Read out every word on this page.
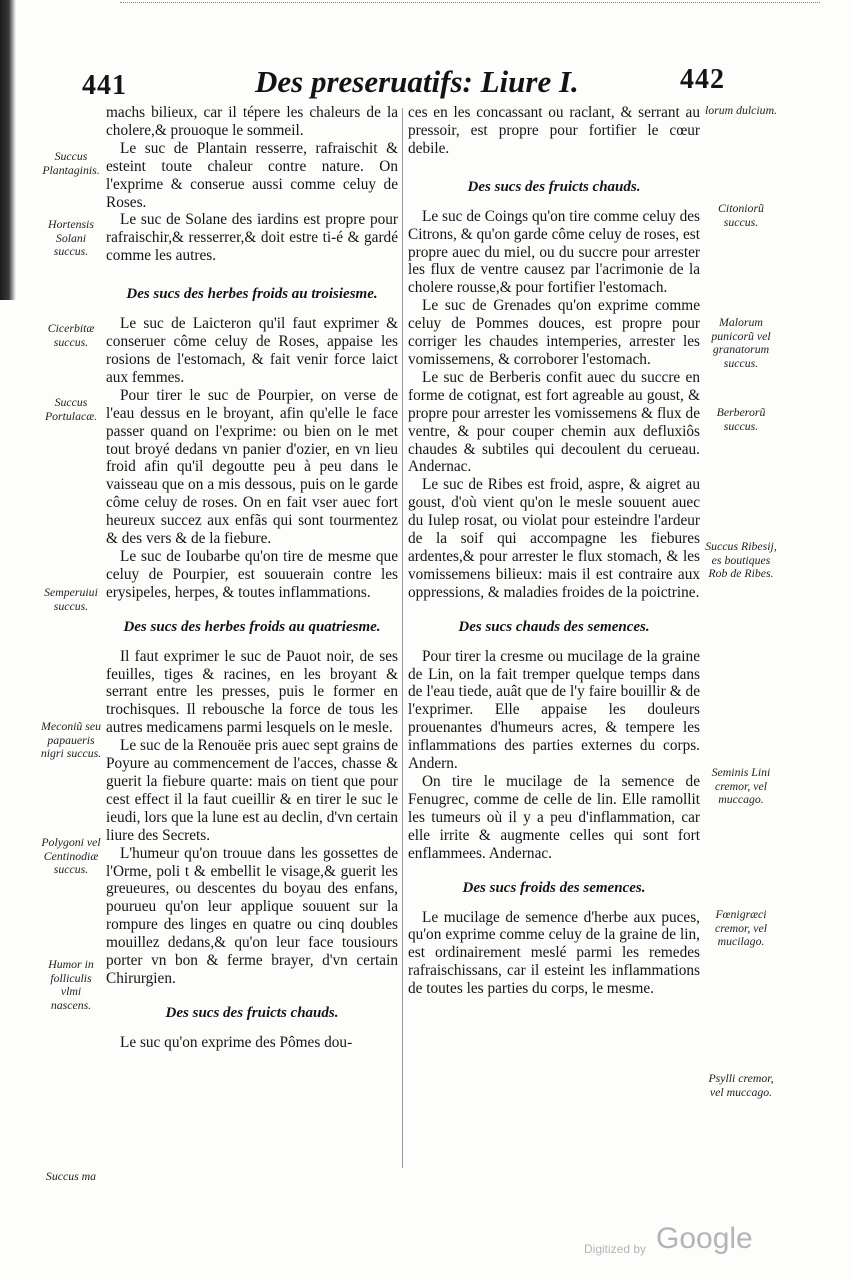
441	Des preseruatifs: Liure I.	442

machs bilieux, car il tépere les chaleurs de la cholere,& prouoque le sommeil.

Le suc de Plantain resserre, rafraischit & esteint toute chaleur contre nature. On l'exprime & conserue aussi comme celuy de Roses.

Le suc de Solane des iardins est propre pour rafraischir,& resserrer,& doit estre ti-é & gardé comme les autres.

Des sucs des herbes froids au troisiesme.

Le suc de Laicteron qu'il faut exprimer & conseruer côme celuy de Roses, appaise les rosions de l'estomach, & fait venir force laict aux femmes.

Pour tirer le suc de Pourpier, on verse de l'eau dessus en le broyant, afin qu'elle le face passer quand on l'exprime: ou bien on le met tout broyé dedans vn panier d'ozier, en vn lieu froid afin qu'il degoutte peu à peu dans le vaisseau que on a mis dessous, puis on le garde côme celuy de roses. On en fait vser auec fort heureux succez aux enfãs qui sont tourmentez & des vers & de la fiebure.

Le suc de Ioubarbe qu'on tire de mesme que celuy de Pourpier, est souuerain contre les erysipeles, herpes, & toutes inflammations.

Des sucs des herbes froids au quatriesme.

Il faut exprimer le suc de Pauot noir, de ses feuilles, tiges & racines, en les broyant & serrant entre les presses, puis le former en trochisques. Il rebousche la force de tous les autres medicamens parmi lesquels on le mesle.

Le suc de la Renouëe pris auec sept grains de Poyure au commencement de l'acces, chasse & guerit la fiebure quarte: mais on tient que pour cest effect il la faut cueillir & en tirer le suc le ieudi, lors que la lune est au declin, d'vn certain liure des Secrets.

L'humeur qu'on trouue dans les gossettes de l'Orme, poli t & embellit le visage,& guerit les greueures, ou descentes du boyau des enfans, pourueu qu'on leur applique souuent sur la rompure des linges en quatre ou cinq doubles mouillez dedans,& qu'on leur face tousiours porter vn bon & ferme brayer, d'vn certain Chirurgien.

Des sucs des fruicts chauds.

Le suc qu'on exprime des Pômes dou-

ces en les concassant ou raclant, & serrant au pressoir, est propre pour fortifier le cœur debile.

Des sucs des fruicts chauds.

Le suc de Coings qu'on tire comme celuy des Citrons, & qu'on garde côme celuy de roses, est propre auec du miel, ou du succre pour arrester les flux de ventre causez par l'acrimonie de la cholere rousse,& pour fortifier l'estomach.

Le suc de Grenades qu'on exprime comme celuy de Pommes douces, est propre pour corriger les chaudes intemperies, arrester les vomissemens, & corroborer l'estomach.

Le suc de Berberis confit auec du succre en forme de cotignat, est fort agreable au goust, & propre pour arrester les vomissemens & flux de ventre, & pour couper chemin aux defluxiôs chaudes & subtiles qui decoulent du cerueau. Andernac.

Le suc de Ribes est froid, aspre, & aigret au goust, d'où vient qu'on le mesle souuent auec du Iulep rosat, ou violat pour esteindre l'ardeur de la soif qui accompagne les fiebures ardentes,& pour arrester le flux stomach, & les vomissemens bilieux: mais il est contraire aux oppressions, & maladies froides de la poictrine.

Des sucs chauds des semences.

Pour tirer la cresme ou mucilage de la graine de Lin, on la fait tremper quelque temps dans de l'eau tiede, auât que de l'y faire bouillir & de l'exprimer. Elle appaise les douleurs prouenantes d'humeurs acres, & tempere les inflammations des parties externes du corps. Andern.

On tire le mucilage de la semence de Fenugrec, comme de celle de lin. Elle ramollit les tumeurs où il y a peu d'inflammation, car elle irrite & augmente celles qui sont fort enflammees. Andernac.

Des sucs froids des semences.

Le mucilage de semence d'herbe aux puces, qu'on exprime comme celuy de la graine de lin, est ordinairement meslé parmi les remedes rafraischissans, car il esteint les inflammations de toutes les parties du corps, le mesme.

Succus Plantaginis.
Hortensis Solani succus.
Cicerbitæ succus.
Succus Portulacæ.
Semperuiui succus.
Meconiũ seu papaueris nigri succus.
Polygoni vel Centinodiæ succus.
Humor in folliculis vlmi nascens.
Succus ma
lorum dulcium.
Citoniorũ succus.
Malorum punicorũ vel granatorum succus.
Berberorũ succus.
Succus Ribesij, es boutiques Rob de Ribes.
Seminis Lini cremor, vel muccago.
Fœnigræci cremor, vel mucilago.
Psylli cremor, vel muccago.
Digitized by Google
